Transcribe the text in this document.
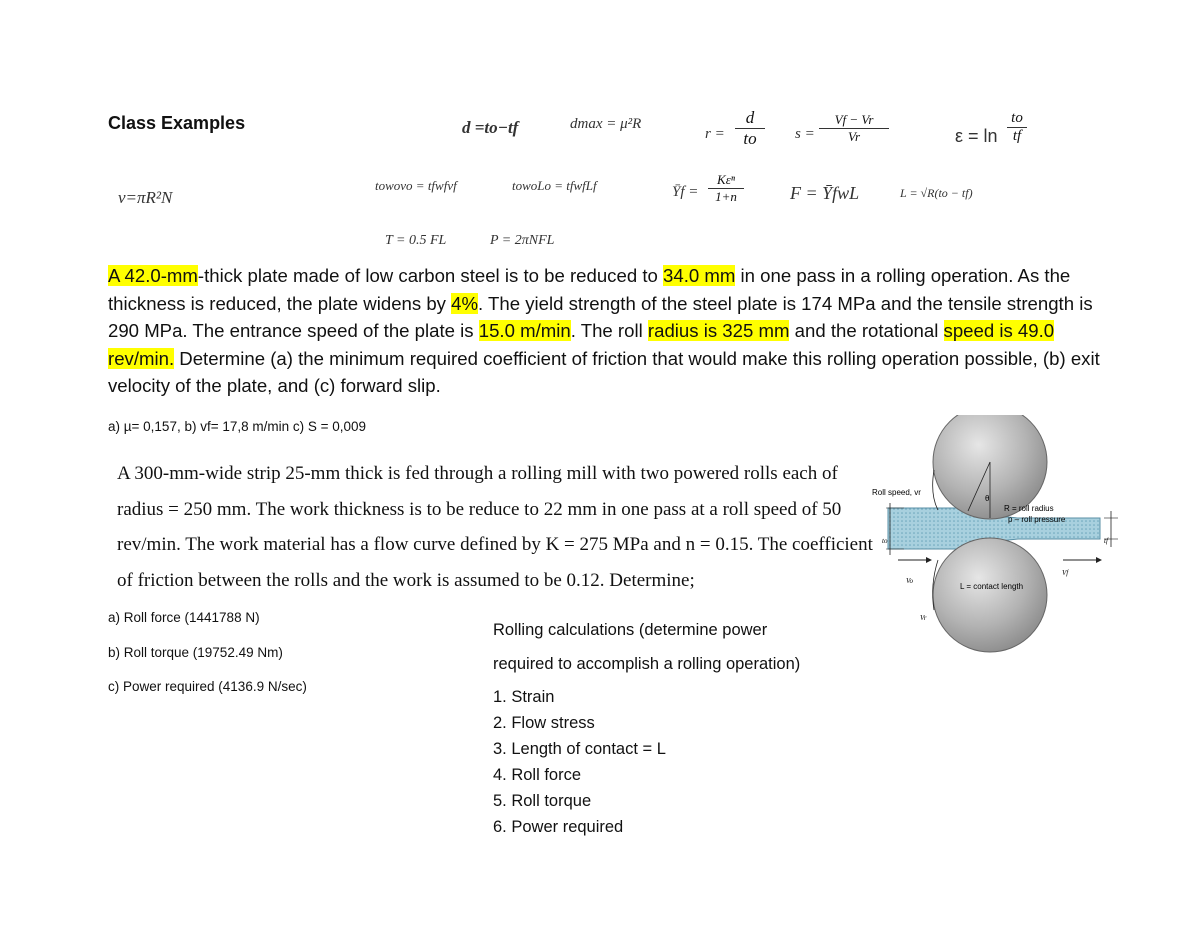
Class Examples	d =to−tf	dmax = μ²R
$r = \frac{d}{to}$ $s = \frac{Vf - Vr}{Vr}$	$\varepsilon = \ln \frac{to}{tf}$
v=πR²N
towovo = tfwfvf	towoLo = tfwfLf	Ȳf =
Kεⁿ
1+n	F = ȲfwL	L = √R(to − tf)
T = 0.5 FL	P = 2πNFL
A 42.0-mm-thick plate made of low carbon steel is to be reduced to 34.0 mm in one pass in a rolling operation. As the thickness is reduced, the plate widens by 4%. The yield strength of the steel plate is 174 MPa and the tensile strength is 290 MPa. The entrance speed of the plate is 15.0 m/min. The roll radius is 325 mm and the rotational speed is 49.0 rev/min. Determine (a) the minimum required coefficient of friction that would make this rolling operation possible, (b) exit velocity of the plate, and (c) forward slip.
a) µ= 0,157, b) vf= 17,8 m/min c) S = 0,009
A 300-mm-wide strip 25-mm thick is fed through a rolling mill with two powered rolls each of radius = 250 mm. The work thickness is to be reduce to 22 mm in one pass at a roll speed of 50 rev/min. The work material has a flow curve defined by K = 275 MPa and n = 0.15. The coefficient of friction between the rolls and the work is assumed to be 0.12. Determine;
a) Roll force (1441788 N)
b) Roll torque (19752.49 Nm)
c) Power required (4136.9 N/sec)
Rolling calculations (determine power
required to accomplish a rolling operation)
1. Strain
2. Flow stress
3. Length of contact = L
4. Roll force
5. Roll torque
6. Power required
θ
Roll speed, vr
R = roll radius
p – roll pressure
L = contact length
to	tf
Vo
Vf
Vr
